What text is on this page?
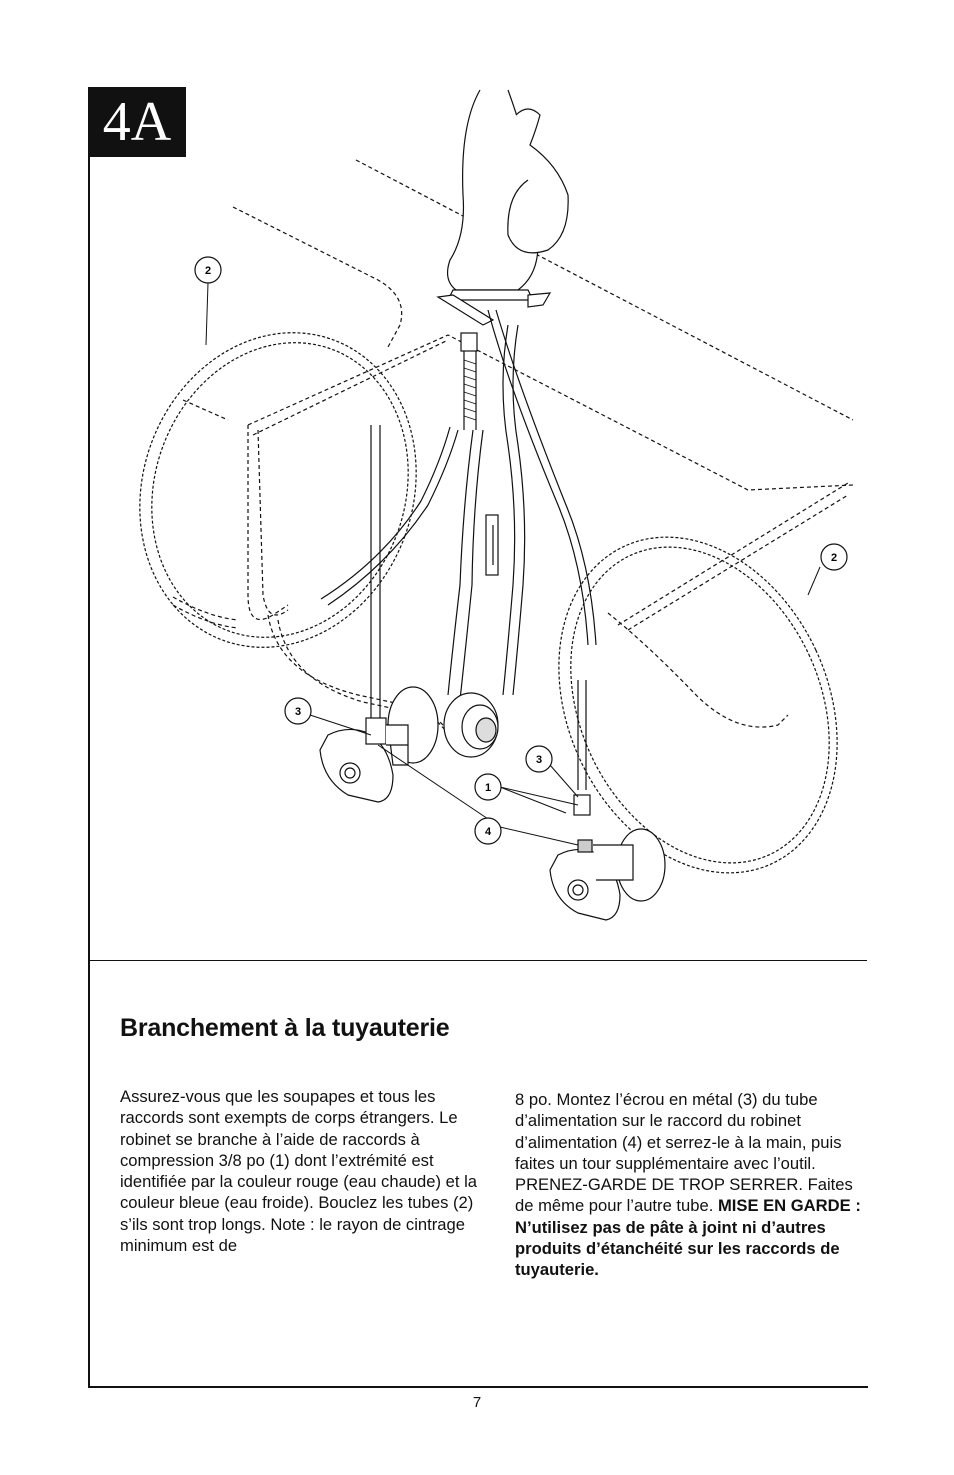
4A
2
2
3
3
1
4
Branchement à la tuyauterie

Assurez-vous que les soupapes et tous les raccords sont exempts de corps étrangers. Le robinet se branche à l’aide de raccords à compression 3/8 po (1) dont l’extrémité est identifiée par la couleur rouge (eau chaude) et la couleur bleue (eau froide). Bouclez les tubes (2) s’ils sont trop longs. Note : le rayon de cintrage minimum est de

8 po. Montez l’écrou en métal (3) du tube d’alimentation sur le raccord du robinet d’alimentation (4) et serrez-le à la main, puis faites un tour supplémentaire avec l’outil. PRENEZ-GARDE DE TROP SERRER. Faites de même pour l’autre tube. MISE EN GARDE : N’utilisez pas de pâte à joint ni d’autres produits d’étanchéité sur les raccords de tuyauterie.

7
